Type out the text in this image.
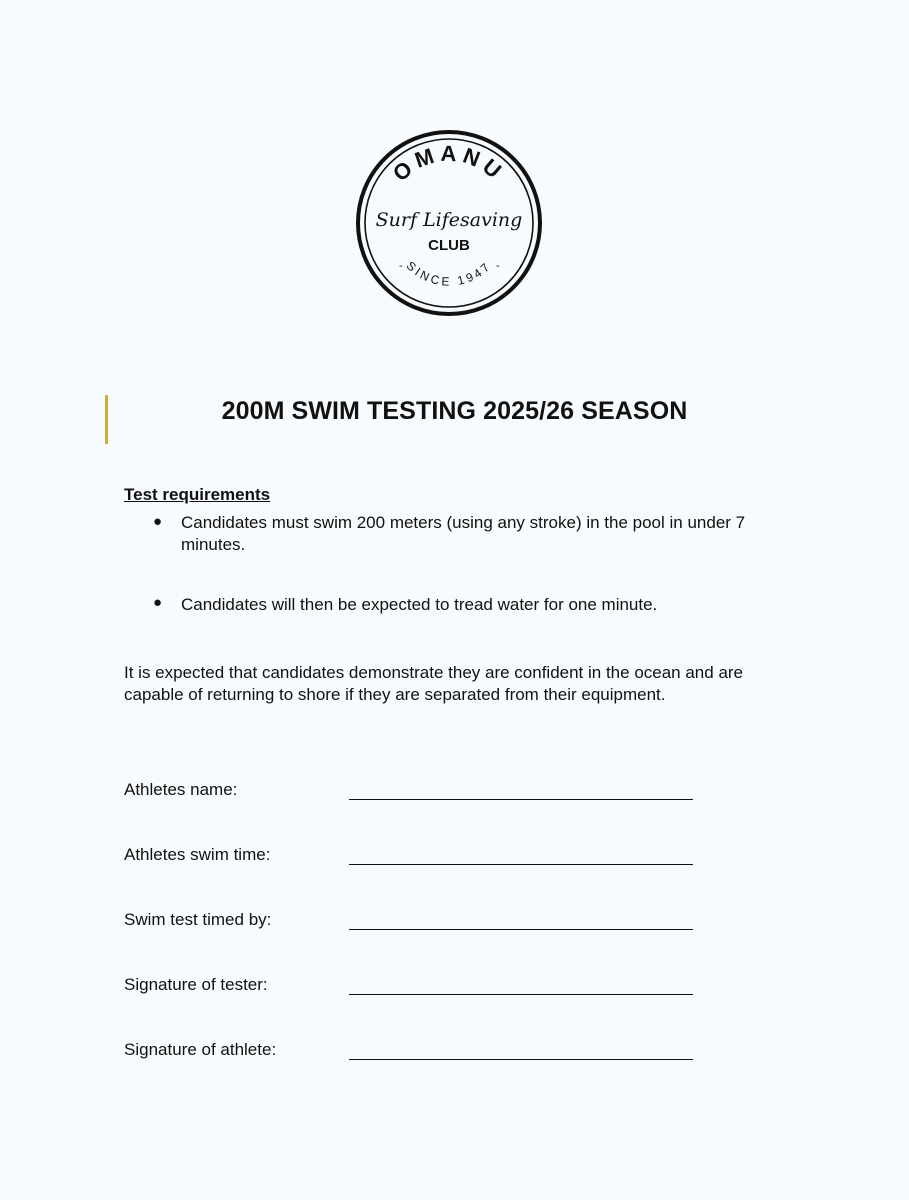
OMANU
Surf Lifesaving
CLUB
SINCE 1947
-	-
200M SWIM TESTING 2025/26 SEASON
Test requirements
● Candidates must swim 200 meters (using any stroke) in the pool in under 7 minutes.
● Candidates will then be expected to tread water for one minute.
It is expected that candidates demonstrate they are confident in the ocean and are capable of returning to shore if they are separated from their equipment.
Athletes name:
Athletes swim time:
Swim test timed by:
Signature of tester:
Signature of athlete:
